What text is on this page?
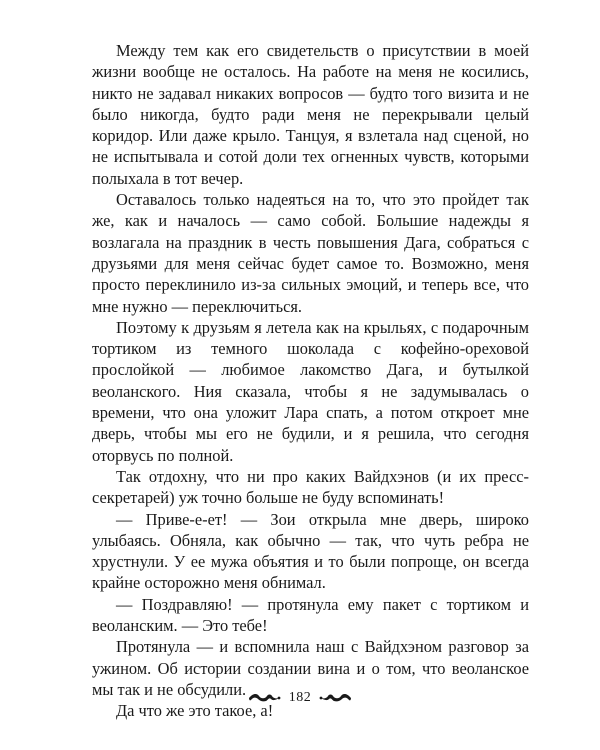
Между тем как его свидетельств о присутствии в моей жизни вообще не осталось. На работе на меня не косились, никто не задавал никаких вопросов — будто того визита и не было никогда, будто ради меня не перекрывали целый коридор. Или даже крыло. Танцуя, я взлетала над сценой, но не испытывала и сотой доли тех огненных чувств, которыми полыхала в тот вечер.

Оставалось только надеяться на то, что это пройдет так же, как и началось — само собой. Большие надежды я возлагала на праздник в честь повышения Дага, собраться с друзьями для меня сейчас будет самое то. Возможно, меня просто переклинило из-за сильных эмоций, и теперь все, что мне нужно — переключиться.

Поэтому к друзьям я летела как на крыльях, с подарочным тортиком из темного шоколада с кофейно-ореховой прослойкой — любимое лакомство Дага, и бутылкой веоланского. Ния сказала, чтобы я не задумывалась о времени, что она уложит Лара спать, а потом откроет мне дверь, чтобы мы его не будили, и я решила, что сегодня оторвусь по полной.

Так отдохну, что ни про каких Вайдхэнов (и их пресс-секретарей) уж точно больше не буду вспоминать!

— Приве-е-ет! — Зои открыла мне дверь, широко улыбаясь. Обняла, как обычно — так, что чуть ребра не хрустнули. У ее мужа объятия и то были попроще, он всегда крайне осторожно меня обнимал.

— Поздравляю! — протянула ему пакет с тортиком и веоланским. — Это тебе!

Протянула — и вспомнила наш с Вайдхэном разговор за ужином. Об истории создании вина и о том, что веоланское мы так и не обсудили.

Да что же это такое, а!

182
